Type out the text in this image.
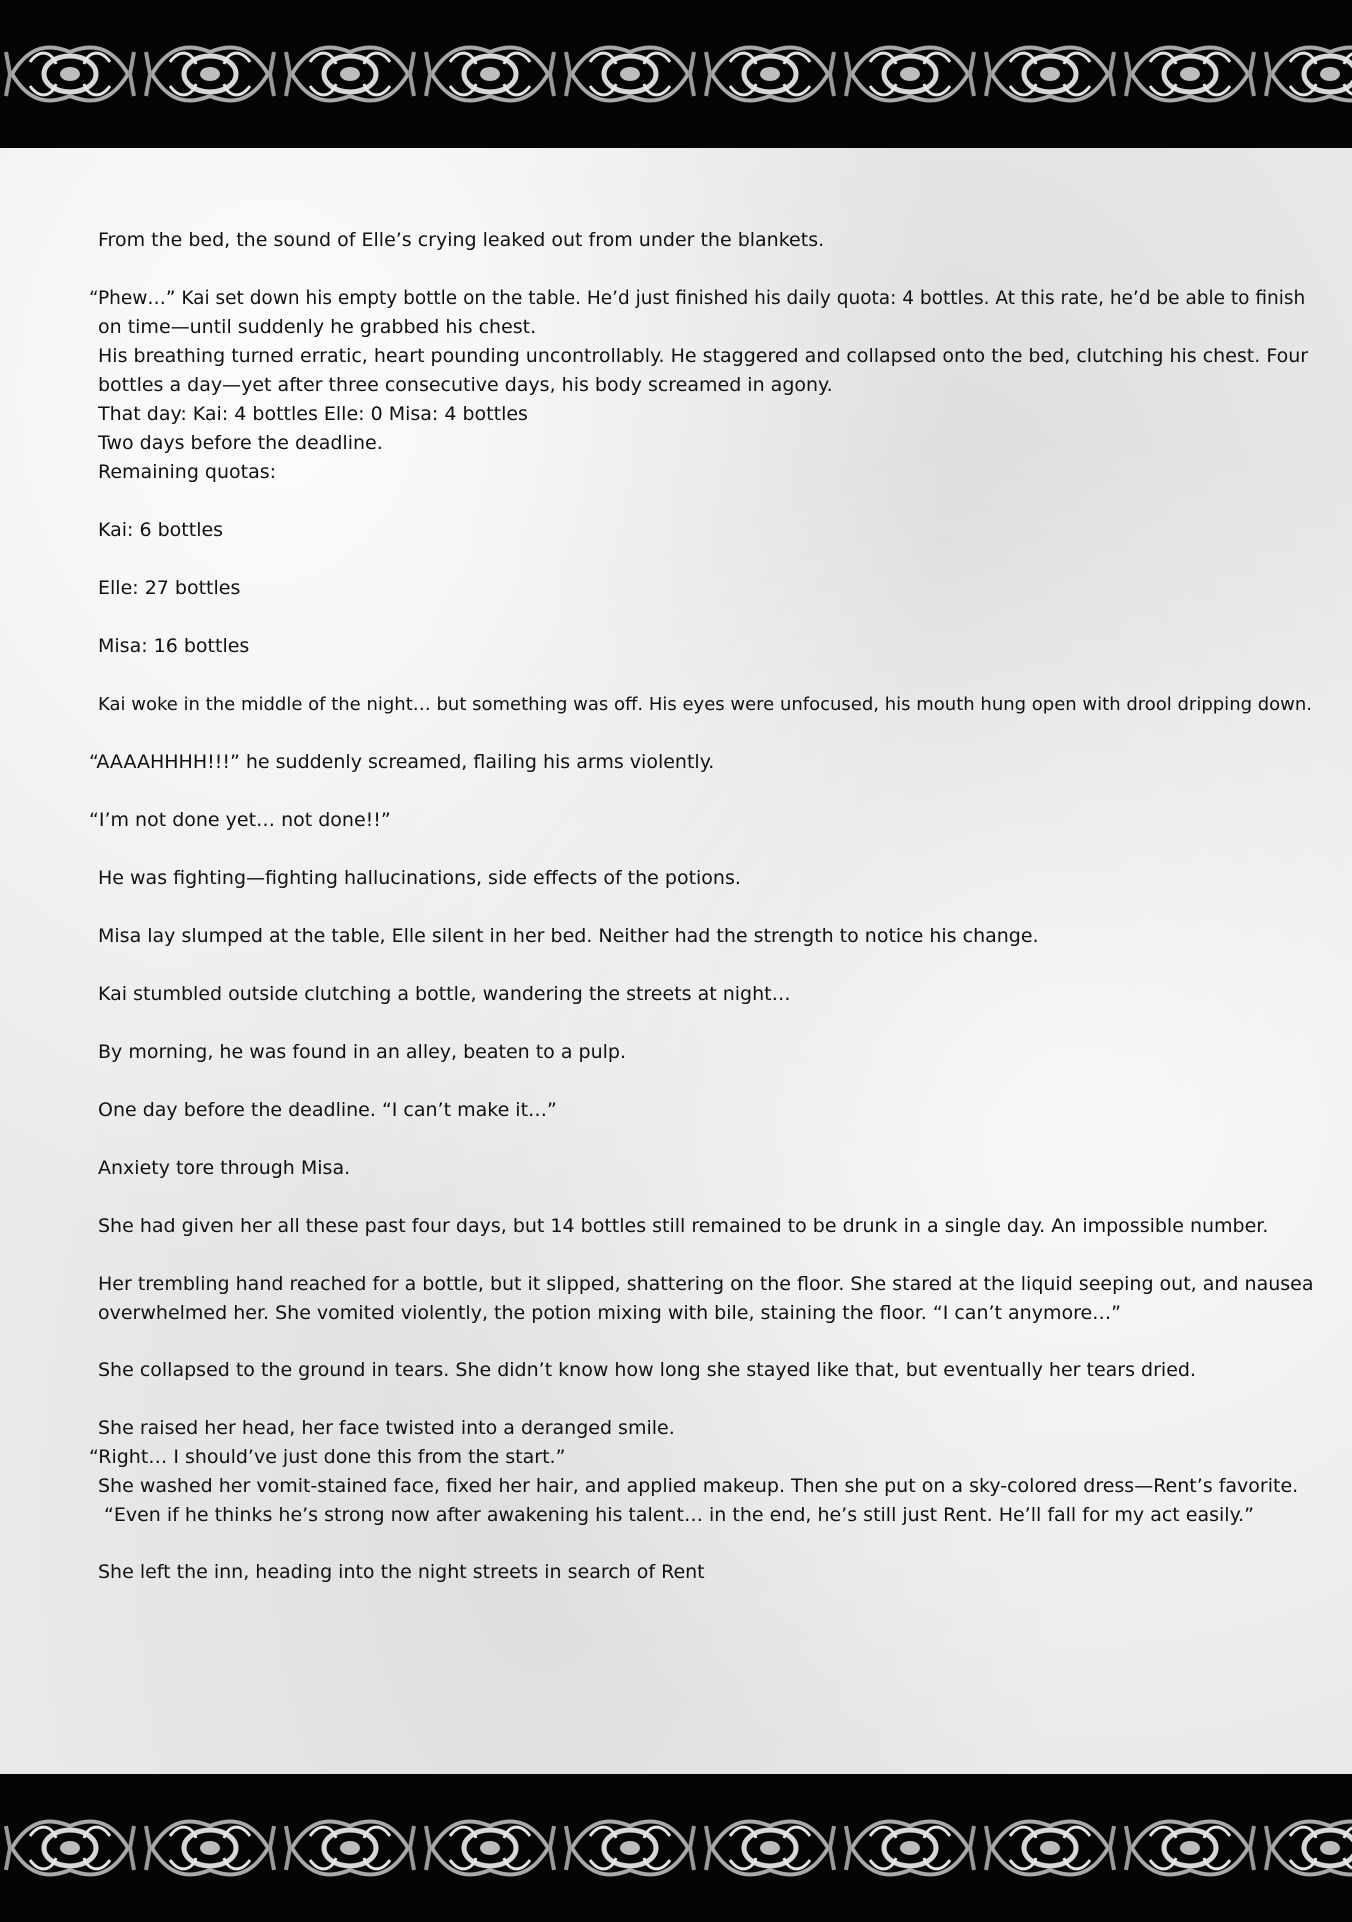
From the bed, the sound of Elle’s crying leaked out from under the blankets.

“Phew…” Kai set down his empty bottle on the table. He’d just finished his daily quota: 4 bottles. At this rate, he’d be able to finish

on time—until suddenly he grabbed his chest.

His breathing turned erratic, heart pounding uncontrollably. He staggered and collapsed onto the bed, clutching his chest. Four

bottles a day—yet after three consecutive days, his body screamed in agony.

That day: Kai: 4 bottles Elle: 0 Misa: 4 bottles

Two days before the deadline.

Remaining quotas:

Kai: 6 bottles

Elle: 27 bottles

Misa: 16 bottles

Kai woke in the middle of the night… but something was off. His eyes were unfocused, his mouth hung open with drool dripping down.

“AAAAHHHH!!!” he suddenly screamed, flailing his arms violently.

“I’m not done yet… not done!!”

He was fighting—fighting hallucinations, side effects of the potions.

Misa lay slumped at the table, Elle silent in her bed. Neither had the strength to notice his change.

Kai stumbled outside clutching a bottle, wandering the streets at night…

By morning, he was found in an alley, beaten to a pulp.

One day before the deadline. “I can’t make it…”

Anxiety tore through Misa.

She had given her all these past four days, but 14 bottles still remained to be drunk in a single day. An impossible number.

Her trembling hand reached for a bottle, but it slipped, shattering on the floor. She stared at the liquid seeping out, and nausea

overwhelmed her. She vomited violently, the potion mixing with bile, staining the floor. “I can’t anymore…”

She collapsed to the ground in tears. She didn’t know how long she stayed like that, but eventually her tears dried.

She raised her head, her face twisted into a deranged smile.

“Right… I should’ve just done this from the start.”

She washed her vomit-stained face, fixed her hair, and applied makeup. Then she put on a sky-colored dress—Rent’s favorite.

“Even if he thinks he’s strong now after awakening his talent… in the end, he’s still just Rent. He’ll fall for my act easily.”

She left the inn, heading into the night streets in search of Rent
